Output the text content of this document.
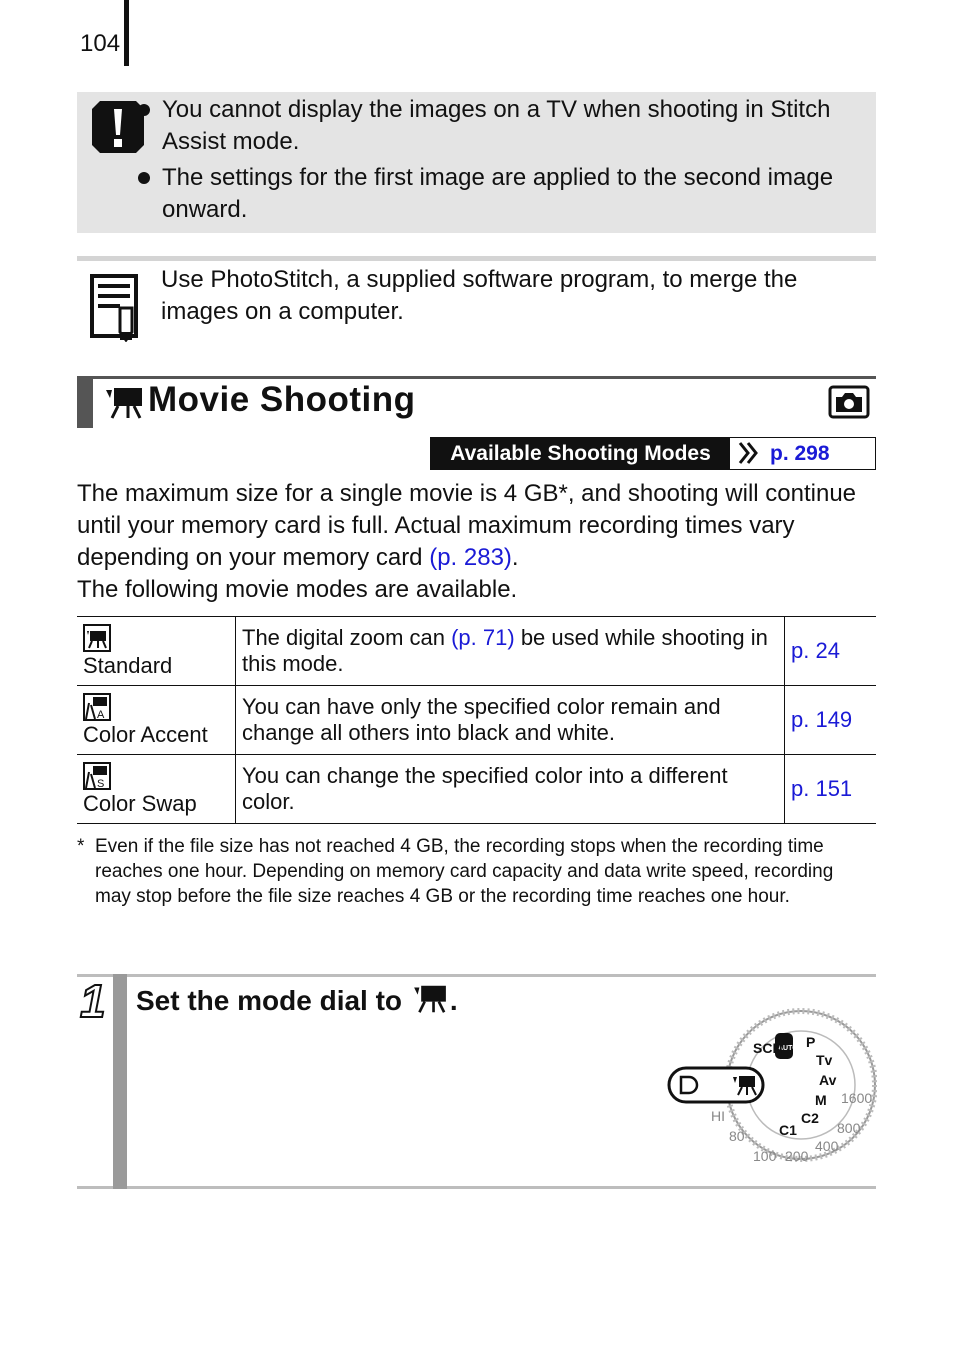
104
You cannot display the images on a TV when shooting in Stitch Assist mode.
The settings for the first image are applied to the second image onward.
Use PhotoStitch, a supplied software program, to merge the images on a computer.
Movie Shooting
Available Shooting Modes	p. 298
The maximum size for a single movie is 4 GB*, and shooting will continue until your memory card is full. Actual maximum recording times vary depending on your memory card (p. 283).
The following movie modes are available.
Standard	The digital zoom can (p. 71) be used while shooting in this mode.	p. 24

A
Color Accent	You can have only the specified color remain and change all others into black and white.	p. 149

S
Color Swap	You can change the specified color into a different color.	p. 151
* Even if the file size has not reached 4 GB, the recording stops when the recording time reaches one hour. Depending on memory card capacity and data write speed, recording may stop before the file size reaches 4 GB or the recording time reaches one hour.
1 Set the mode dial to .
AUTO P
Tv
Av
M
C2
C1
SCN
80
100 200
400
800
1600
HI
